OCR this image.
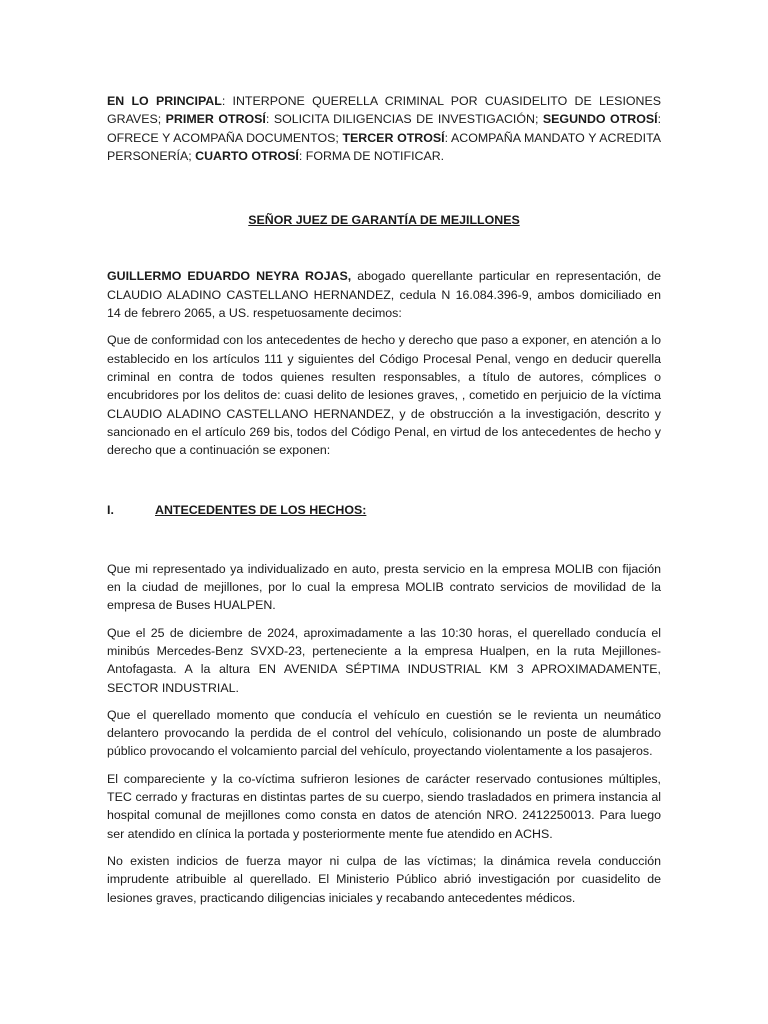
EN LO PRINCIPAL: INTERPONE QUERELLA CRIMINAL POR CUASIDELITO DE LESIONES GRAVES; PRIMER OTROSÍ: SOLICITA DILIGENCIAS DE INVESTIGACIÓN; SEGUNDO OTROSÍ: OFRECE Y ACOMPAÑA DOCUMENTOS; TERCER OTROSÍ: ACOMPAÑA MANDATO Y ACREDITA PERSONERÍA; CUARTO OTROSÍ: FORMA DE NOTIFICAR.

SEÑOR JUEZ DE GARANTÍA DE MEJILLONES

GUILLERMO EDUARDO NEYRA ROJAS, abogado querellante particular en representación, de CLAUDIO ALADINO CASTELLANO HERNANDEZ, cedula N 16.084.396-9, ambos domiciliado en 14 de febrero 2065, a US. respetuosamente decimos:

Que de conformidad con los antecedentes de hecho y derecho que paso a exponer, en atención a lo establecido en los artículos 111 y siguientes del Código Procesal Penal, vengo en deducir querella criminal en contra de todos quienes resulten responsables, a título de autores, cómplices o encubridores por los delitos de: cuasi delito de lesiones graves, , cometido en perjuicio de la víctima CLAUDIO ALADINO CASTELLANO HERNANDEZ, y de obstrucción a la investigación, descrito y sancionado en el artículo 269 bis, todos del Código Penal, en virtud de los antecedentes de hecho y derecho que a continuación se exponen:

I.	ANTECEDENTES DE LOS HECHOS:

Que mi representado ya individualizado en auto, presta servicio en la empresa MOLIB con fijación en la ciudad de mejillones, por lo cual la empresa MOLIB contrato servicios de movilidad de la empresa de Buses HUALPEN.

Que el 25 de diciembre de 2024, aproximadamente a las 10:30 horas, el querellado conducía el minibús Mercedes-Benz SVXD-23, perteneciente a la empresa Hualpen, en la ruta Mejillones-Antofagasta. A la altura EN AVENIDA SÉPTIMA INDUSTRIAL KM 3 APROXIMADAMENTE, SECTOR INDUSTRIAL.

Que el querellado momento que conducía el vehículo en cuestión se le revienta un neumático delantero provocando la perdida de el control del vehículo, colisionando un poste de alumbrado público provocando el volcamiento parcial del vehículo, proyectando violentamente a los pasajeros.

El compareciente y la co-víctima sufrieron lesiones de carácter reservado contusiones múltiples, TEC cerrado y fracturas en distintas partes de su cuerpo, siendo trasladados en primera instancia al hospital comunal de mejillones como consta en datos de atención NRO. 2412250013. Para luego ser atendido en clínica la portada y posteriormente mente fue atendido en ACHS.

No existen indicios de fuerza mayor ni culpa de las víctimas; la dinámica revela conducción imprudente atribuible al querellado. El Ministerio Público abrió investigación por cuasidelito de lesiones graves, practicando diligencias iniciales y recabando antecedentes médicos.
